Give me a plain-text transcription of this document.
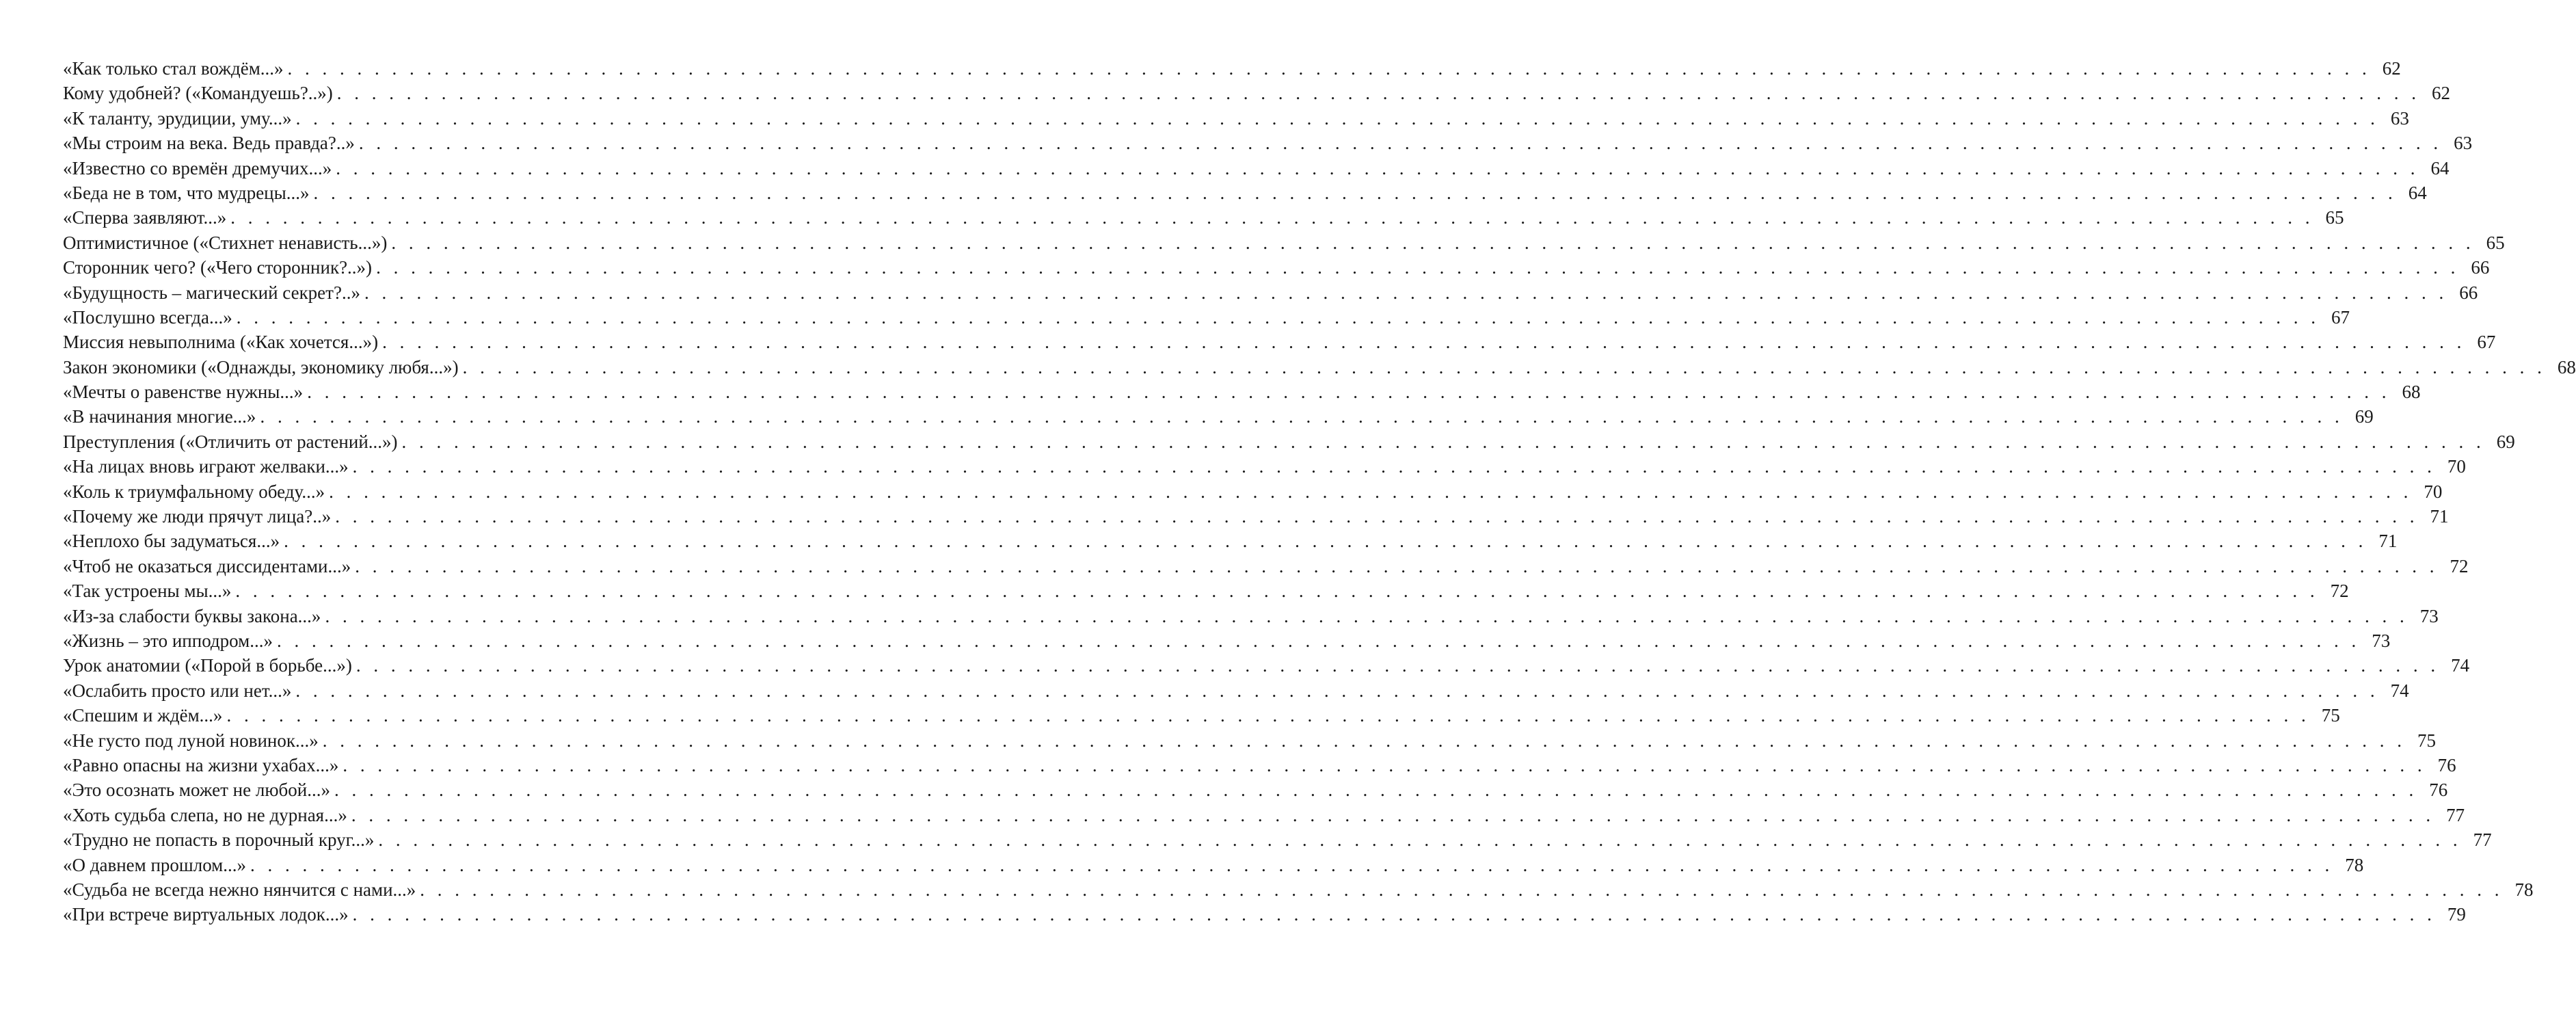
«Как только стал вождём...» . . . . . . . . . . . . . . . . . . . . . . . . . . . . . . . . . . . . . . . . . . . . . . . . . . . . . . . . . . . . . . . . . . . . . . . . . . . . . . . . . . . . . . . . . . . . . . . . . . . . . . . . . . . . . . . . . . . . . . . . 62
Кому удобней? («Командуешь?..») . . . . . . . . . . . . . . . . . . . . . . . . . . . . . . . . . . . . . . . . . . . . . . . . . . . . . . . . . . . . . . . . . . . . . . . . . . . . . . . . . . . . . . . . . . . . . . . . . . . . . . . . . . . . . . . . . . . . . . . . 62
«К таланту, эрудиции, уму...» . . . . . . . . . . . . . . . . . . . . . . . . . . . . . . . . . . . . . . . . . . . . . . . . . . . . . . . . . . . . . . . . . . . . . . . . . . . . . . . . . . . . . . . . . . . . . . . . . . . . . . . . . . . . . . . . . . . . . . . . 63
«Мы строим на века. Ведь правда?..» . . . . . . . . . . . . . . . . . . . . . . . . . . . . . . . . . . . . . . . . . . . . . . . . . . . . . . . . . . . . . . . . . . . . . . . . . . . . . . . . . . . . . . . . . . . . . . . . . . . . . . . . . . . . . . . . . . . . . . . . 63
«Известно со времён дремучих...» . . . . . . . . . . . . . . . . . . . . . . . . . . . . . . . . . . . . . . . . . . . . . . . . . . . . . . . . . . . . . . . . . . . . . . . . . . . . . . . . . . . . . . . . . . . . . . . . . . . . . . . . . . . . . . . . . . . . . . . . 64
«Беда не в том, что мудрецы...» . . . . . . . . . . . . . . . . . . . . . . . . . . . . . . . . . . . . . . . . . . . . . . . . . . . . . . . . . . . . . . . . . . . . . . . . . . . . . . . . . . . . . . . . . . . . . . . . . . . . . . . . . . . . . . . . . . . . . . . . 64
«Сперва заявляют...» . . . . . . . . . . . . . . . . . . . . . . . . . . . . . . . . . . . . . . . . . . . . . . . . . . . . . . . . . . . . . . . . . . . . . . . . . . . . . . . . . . . . . . . . . . . . . . . . . . . . . . . . . . . . . . . . . . . . . . . . 65
Оптимистичное («Стихнет ненависть...») . . . . . . . . . . . . . . . . . . . . . . . . . . . . . . . . . . . . . . . . . . . . . . . . . . . . . . . . . . . . . . . . . . . . . . . . . . . . . . . . . . . . . . . . . . . . . . . . . . . . . . . . . . . . . . . . . . . . . . . . 65
Сторонник чего? («Чего сторонник?..») . . . . . . . . . . . . . . . . . . . . . . . . . . . . . . . . . . . . . . . . . . . . . . . . . . . . . . . . . . . . . . . . . . . . . . . . . . . . . . . . . . . . . . . . . . . . . . . . . . . . . . . . . . . . . . . . . . . . . . . . 66
«Будущность – магический секрет?..» . . . . . . . . . . . . . . . . . . . . . . . . . . . . . . . . . . . . . . . . . . . . . . . . . . . . . . . . . . . . . . . . . . . . . . . . . . . . . . . . . . . . . . . . . . . . . . . . . . . . . . . . . . . . . . . . . . . . . . . . 66
«Послушно всегда...» . . . . . . . . . . . . . . . . . . . . . . . . . . . . . . . . . . . . . . . . . . . . . . . . . . . . . . . . . . . . . . . . . . . . . . . . . . . . . . . . . . . . . . . . . . . . . . . . . . . . . . . . . . . . . . . . . . . . . . . . 67
Миссия невыполнима («Как хочется...») . . . . . . . . . . . . . . . . . . . . . . . . . . . . . . . . . . . . . . . . . . . . . . . . . . . . . . . . . . . . . . . . . . . . . . . . . . . . . . . . . . . . . . . . . . . . . . . . . . . . . . . . . . . . . . . . . . . . . . . . 67
Закон экономики («Однажды, экономику любя...») . . . . . . . . . . . . . . . . . . . . . . . . . . . . . . . . . . . . . . . . . . . . . . . . . . . . . . . . . . . . . . . . . . . . . . . . . . . . . . . . . . . . . . . . . . . . . . . . . . . . . . . . . . . . . . . . . . . . . . . . 68
«Мечты о равенстве нужны...» . . . . . . . . . . . . . . . . . . . . . . . . . . . . . . . . . . . . . . . . . . . . . . . . . . . . . . . . . . . . . . . . . . . . . . . . . . . . . . . . . . . . . . . . . . . . . . . . . . . . . . . . . . . . . . . . . . . . . . . . 68
«В начинания многие...» . . . . . . . . . . . . . . . . . . . . . . . . . . . . . . . . . . . . . . . . . . . . . . . . . . . . . . . . . . . . . . . . . . . . . . . . . . . . . . . . . . . . . . . . . . . . . . . . . . . . . . . . . . . . . . . . . . . . . . . . 69
Преступления («Отличить от растений...») . . . . . . . . . . . . . . . . . . . . . . . . . . . . . . . . . . . . . . . . . . . . . . . . . . . . . . . . . . . . . . . . . . . . . . . . . . . . . . . . . . . . . . . . . . . . . . . . . . . . . . . . . . . . . . . . . . . . . . . . 69
«На лицах вновь играют желваки...» . . . . . . . . . . . . . . . . . . . . . . . . . . . . . . . . . . . . . . . . . . . . . . . . . . . . . . . . . . . . . . . . . . . . . . . . . . . . . . . . . . . . . . . . . . . . . . . . . . . . . . . . . . . . . . . . . . . . . . . . 70
«Коль к триумфальному обеду...» . . . . . . . . . . . . . . . . . . . . . . . . . . . . . . . . . . . . . . . . . . . . . . . . . . . . . . . . . . . . . . . . . . . . . . . . . . . . . . . . . . . . . . . . . . . . . . . . . . . . . . . . . . . . . . . . . . . . . . . . 70
«Почему же люди прячут лица?..» . . . . . . . . . . . . . . . . . . . . . . . . . . . . . . . . . . . . . . . . . . . . . . . . . . . . . . . . . . . . . . . . . . . . . . . . . . . . . . . . . . . . . . . . . . . . . . . . . . . . . . . . . . . . . . . . . . . . . . . . 71
«Неплохо бы задуматься...» . . . . . . . . . . . . . . . . . . . . . . . . . . . . . . . . . . . . . . . . . . . . . . . . . . . . . . . . . . . . . . . . . . . . . . . . . . . . . . . . . . . . . . . . . . . . . . . . . . . . . . . . . . . . . . . . . . . . . . . . 71
«Чтоб не оказаться диссидентами...» . . . . . . . . . . . . . . . . . . . . . . . . . . . . . . . . . . . . . . . . . . . . . . . . . . . . . . . . . . . . . . . . . . . . . . . . . . . . . . . . . . . . . . . . . . . . . . . . . . . . . . . . . . . . . . . . . . . . . . . . 72
«Так устроены мы...» . . . . . . . . . . . . . . . . . . . . . . . . . . . . . . . . . . . . . . . . . . . . . . . . . . . . . . . . . . . . . . . . . . . . . . . . . . . . . . . . . . . . . . . . . . . . . . . . . . . . . . . . . . . . . . . . . . . . . . . . 72
«Из-за слабости буквы закона...» . . . . . . . . . . . . . . . . . . . . . . . . . . . . . . . . . . . . . . . . . . . . . . . . . . . . . . . . . . . . . . . . . . . . . . . . . . . . . . . . . . . . . . . . . . . . . . . . . . . . . . . . . . . . . . . . . . . . . . . . 73
«Жизнь – это ипподром...» . . . . . . . . . . . . . . . . . . . . . . . . . . . . . . . . . . . . . . . . . . . . . . . . . . . . . . . . . . . . . . . . . . . . . . . . . . . . . . . . . . . . . . . . . . . . . . . . . . . . . . . . . . . . . . . . . . . . . . . . 73
Урок анатомии («Порой в борьбе...») . . . . . . . . . . . . . . . . . . . . . . . . . . . . . . . . . . . . . . . . . . . . . . . . . . . . . . . . . . . . . . . . . . . . . . . . . . . . . . . . . . . . . . . . . . . . . . . . . . . . . . . . . . . . . . . . . . . . . . . . 74
«Ослабить просто или нет...» . . . . . . . . . . . . . . . . . . . . . . . . . . . . . . . . . . . . . . . . . . . . . . . . . . . . . . . . . . . . . . . . . . . . . . . . . . . . . . . . . . . . . . . . . . . . . . . . . . . . . . . . . . . . . . . . . . . . . . . . 74
«Спешим и ждём...» . . . . . . . . . . . . . . . . . . . . . . . . . . . . . . . . . . . . . . . . . . . . . . . . . . . . . . . . . . . . . . . . . . . . . . . . . . . . . . . . . . . . . . . . . . . . . . . . . . . . . . . . . . . . . . . . . . . . . . . . 75
«Не густо под луной новинок...» . . . . . . . . . . . . . . . . . . . . . . . . . . . . . . . . . . . . . . . . . . . . . . . . . . . . . . . . . . . . . . . . . . . . . . . . . . . . . . . . . . . . . . . . . . . . . . . . . . . . . . . . . . . . . . . . . . . . . . . . 75
«Равно опасны на жизни ухабах...» . . . . . . . . . . . . . . . . . . . . . . . . . . . . . . . . . . . . . . . . . . . . . . . . . . . . . . . . . . . . . . . . . . . . . . . . . . . . . . . . . . . . . . . . . . . . . . . . . . . . . . . . . . . . . . . . . . . . . . . . 76
«Это осознать может не любой...» . . . . . . . . . . . . . . . . . . . . . . . . . . . . . . . . . . . . . . . . . . . . . . . . . . . . . . . . . . . . . . . . . . . . . . . . . . . . . . . . . . . . . . . . . . . . . . . . . . . . . . . . . . . . . . . . . . . . . . . . 76
«Хоть судьба слепа, но не дурная...» . . . . . . . . . . . . . . . . . . . . . . . . . . . . . . . . . . . . . . . . . . . . . . . . . . . . . . . . . . . . . . . . . . . . . . . . . . . . . . . . . . . . . . . . . . . . . . . . . . . . . . . . . . . . . . . . . . . . . . . . 77
«Трудно не попасть в порочный круг...» . . . . . . . . . . . . . . . . . . . . . . . . . . . . . . . . . . . . . . . . . . . . . . . . . . . . . . . . . . . . . . . . . . . . . . . . . . . . . . . . . . . . . . . . . . . . . . . . . . . . . . . . . . . . . . . . . . . . . . . . 77
«О давнем прошлом...» . . . . . . . . . . . . . . . . . . . . . . . . . . . . . . . . . . . . . . . . . . . . . . . . . . . . . . . . . . . . . . . . . . . . . . . . . . . . . . . . . . . . . . . . . . . . . . . . . . . . . . . . . . . . . . . . . . . . . . . . 78
«Судьба не всегда нежно нянчится с нами...» . . . . . . . . . . . . . . . . . . . . . . . . . . . . . . . . . . . . . . . . . . . . . . . . . . . . . . . . . . . . . . . . . . . . . . . . . . . . . . . . . . . . . . . . . . . . . . . . . . . . . . . . . . . . . . . . . . . . . . . . 78
«При встрече виртуальных лодок...» . . . . . . . . . . . . . . . . . . . . . . . . . . . . . . . . . . . . . . . . . . . . . . . . . . . . . . . . . . . . . . . . . . . . . . . . . . . . . . . . . . . . . . . . . . . . . . . . . . . . . . . . . . . . . . . . . . . . . . . . 79
